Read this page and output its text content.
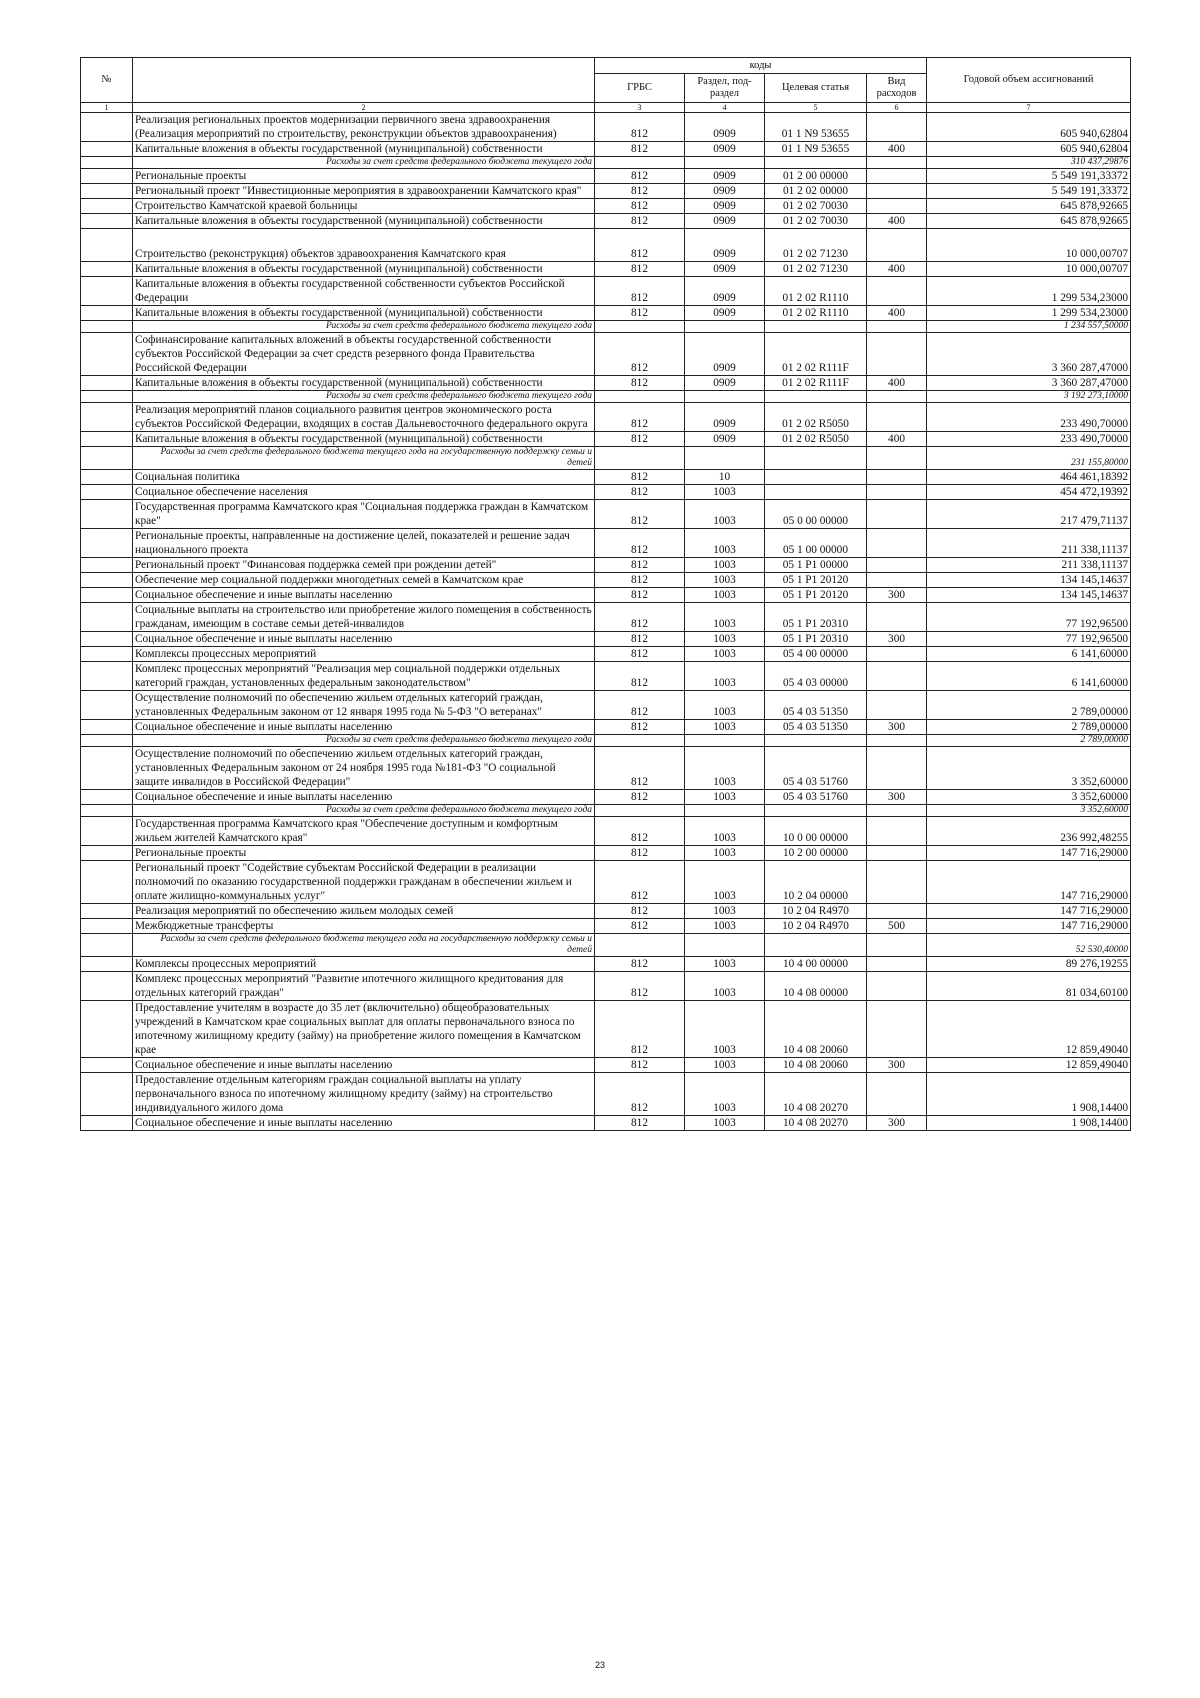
№		коды				Годовой объем ассигнований
		ГРБС	Раздел, под-раздел	Целевая статья	Вид расходов	
1	2	3	4	5	6	7
	Реализация региональных проектов модернизации первичного звена здравоохранения (Реализация мероприятий по строительству, реконструкции объектов здравоохранения)	812	0909	01 1 N9 53655		605 940,62804
	Капитальные вложения в объекты государственной (муниципальной) собственности	812	0909	01 1 N9 53655	400	605 940,62804
	Расходы за счет средств федерального бюджета текущего года					310 437,29876
	Региональные проекты	812	0909	01 2 00 00000		5 549 191,33372
	Региональный проект "Инвестиционные мероприятия в здравоохранении Камчатского края"	812	0909	01 2 02 00000		5 549 191,33372
	Строительство Камчатской краевой больницы	812	0909	01 2 02 70030		645 878,92665
	Капитальные вложения в объекты государственной (муниципальной) собственности	812	0909	01 2 02 70030	400	645 878,92665
	Строительство (реконструкция) объектов здравоохранения Камчатского края	812	0909	01 2 02 71230		10 000,00707
	Капитальные вложения в объекты государственной (муниципальной) собственности	812	0909	01 2 02 71230	400	10 000,00707
	Капитальные вложения в объекты государственной собственности субъектов Российской Федерации	812	0909	01 2 02 R1110		1 299 534,23000
	Капитальные вложения в объекты государственной (муниципальной) собственности	812	0909	01 2 02 R1110	400	1 299 534,23000
	Расходы за счет средств федерального бюджета текущего года					1 234 557,50000
	Софинансирование капитальных вложений в объекты государственной собственности субъектов Российской Федерации за счет средств резервного фонда Правительства Российской Федерации	812	0909	01 2 02 R111F		3 360 287,47000
	Капитальные вложения в объекты государственной (муниципальной) собственности	812	0909	01 2 02 R111F	400	3 360 287,47000
	Расходы за счет средств федерального бюджета текущего года					3 192 273,10000
	Реализация мероприятий планов социального развития центров экономического роста субъектов Российской Федерации, входящих в состав Дальневосточного федерального округа	812	0909	01 2 02 R5050		233 490,70000
	Капитальные вложения в объекты государственной (муниципальной) собственности	812	0909	01 2 02 R5050	400	233 490,70000
	Расходы за счет средств федерального бюджета текущего года на государственную поддержку семьи и детей					231 155,80000
	Социальная политика	812	10			464 461,18392
	Социальное обеспечение населения	812	1003			454 472,19392
	Государственная программа Камчатского края "Социальная поддержка граждан в Камчатском крае"	812	1003	05 0 00 00000		217 479,71137
	Региональные проекты, направленные на достижение целей, показателей и решение задач национального проекта	812	1003	05 1 00 00000		211 338,11137
	Региональный проект "Финансовая поддержка семей при рождении детей"	812	1003	05 1 P1 00000		211 338,11137
	Обеспечение мер социальной поддержки многодетных семей в Камчатском крае	812	1003	05 1 P1 20120		134 145,14637
	Социальное обеспечение и иные выплаты населению	812	1003	05 1 P1 20120	300	134 145,14637
	Социальные выплаты на строительство или приобретение жилого помещения в собственность гражданам, имеющим в составе семьи детей-инвалидов	812	1003	05 1 P1 20310		77 192,96500
	Социальное обеспечение и иные выплаты населению	812	1003	05 1 P1 20310	300	77 192,96500
	Комплексы процессных мероприятий	812	1003	05 4 00 00000		6 141,60000
	Комплекс процессных мероприятий "Реализация мер социальной поддержки отдельных категорий граждан, установленных федеральным законодательством"	812	1003	05 4 03 00000		6 141,60000
	Осуществление полномочий по обеспечению жильем отдельных категорий граждан, установленных Федеральным законом от 12 января 1995 года № 5-ФЗ "О ветеранах"	812	1003	05 4 03 51350		2 789,00000
	Социальное обеспечение и иные выплаты населению	812	1003	05 4 03 51350	300	2 789,00000
	Расходы за счет средств федерального бюджета текущего года					2 789,00000
	Осуществление полномочий по обеспечению жильем отдельных категорий граждан, установленных Федеральным законом от 24 ноября 1995 года №181-ФЗ "О социальной защите инвалидов в Российской Федерации"	812	1003	05 4 03 51760		3 352,60000
	Социальное обеспечение и иные выплаты населению	812	1003	05 4 03 51760	300	3 352,60000
	Расходы за счет средств федерального бюджета текущего года					3 352,60000
	Государственная программа Камчатского края "Обеспечение доступным и комфортным жильем жителей Камчатского края"	812	1003	10 0 00 00000		236 992,48255
	Региональные проекты	812	1003	10 2 00 00000		147 716,29000
	Региональный проект "Содействие субъектам Российской Федерации в реализации полномочий по оказанию государственной поддержки гражданам в обеспечении жильем и оплате жилищно-коммунальных услуг"	812	1003	10 2 04 00000		147 716,29000
	Реализация мероприятий по обеспечению жильем молодых семей	812	1003	10 2 04 R4970		147 716,29000
	Межбюджетные трансферты	812	1003	10 2 04 R4970	500	147 716,29000
	Расходы за счет средств федерального бюджета текущего года на государственную поддержку семьи и детей					52 530,40000
	Комплексы процессных мероприятий	812	1003	10 4 00 00000		89 276,19255
	Комплекс процессных мероприятий "Развитие ипотечного жилищного кредитования для отдельных категорий граждан"	812	1003	10 4 08 00000		81 034,60100
	Предоставление учителям в возрасте до 35 лет (включительно) общеобразовательных учреждений в Камчатском крае социальных выплат для оплаты первоначального взноса по ипотечному жилищному кредиту (займу) на приобретение жилого помещения в Камчатском крае	812	1003	10 4 08 20060		12 859,49040
	Социальное обеспечение и иные выплаты населению	812	1003	10 4 08 20060	300	12 859,49040
	Предоставление отдельным категориям граждан социальной выплаты на уплату первоначального взноса по ипотечному жилищному кредиту (займу) на строительство индивидуального жилого дома	812	1003	10 4 08 20270		1 908,14400
	Социальное обеспечение и иные выплаты населению	812	1003	10 4 08 20270	300	1 908,14400
23
